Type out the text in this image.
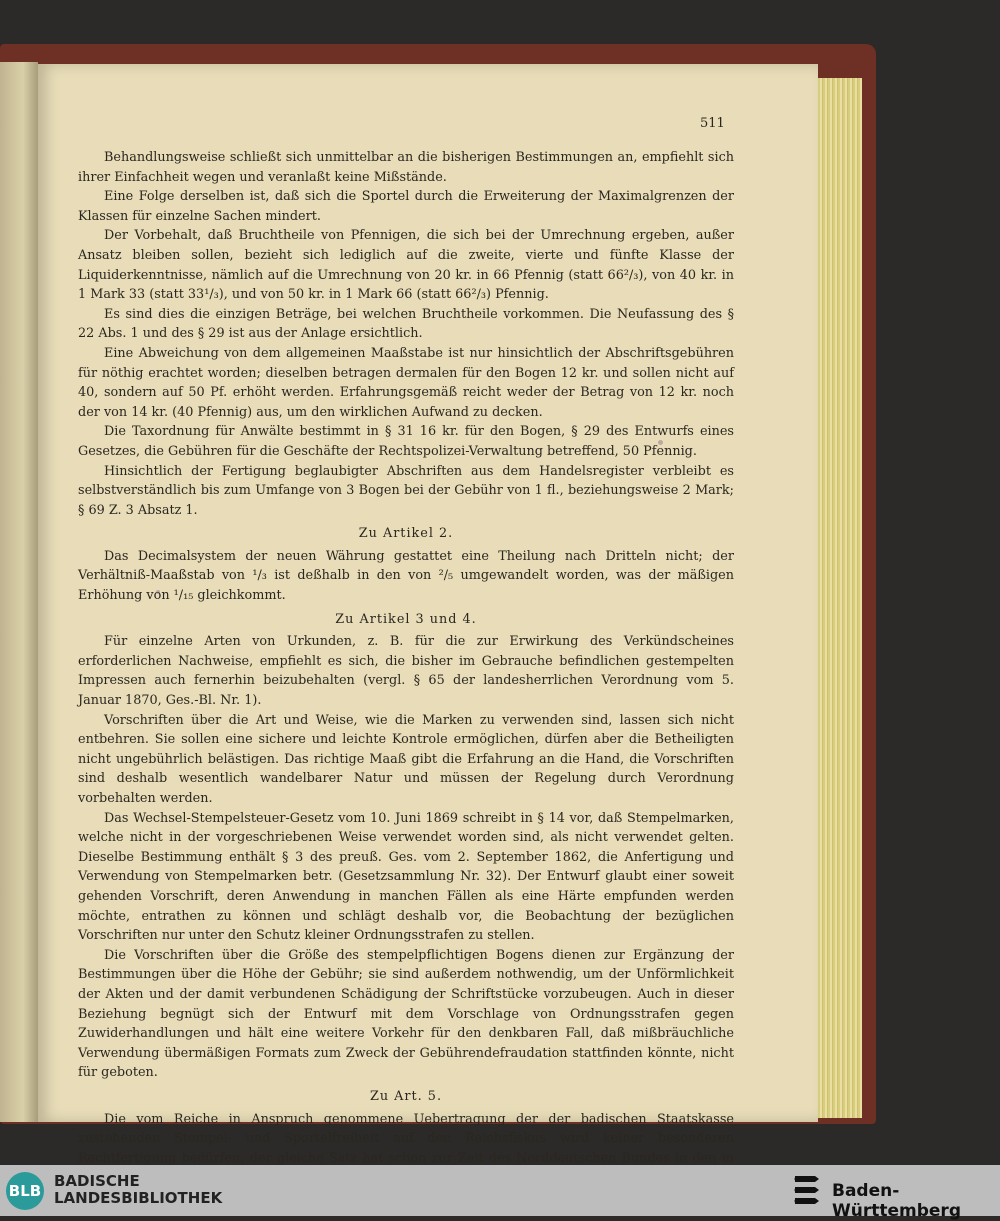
511

Behandlungsweise schließt sich unmittelbar an die bisherigen Bestimmungen an, empfiehlt sich ihrer Einfachheit wegen und veranlaßt keine Mißstände.

Eine Folge derselben ist, daß sich die Sportel durch die Erweiterung der Maximalgrenzen der Klassen für einzelne Sachen mindert.

Der Vorbehalt, daß Bruchtheile von Pfennigen, die sich bei der Umrechnung ergeben, außer Ansatz bleiben sollen, bezieht sich lediglich auf die zweite, vierte und fünfte Klasse der Liquiderkenntnisse, nämlich auf die Umrechnung von 20 kr. in 66 Pfennig (statt 66²/₃), von 40 kr. in 1 Mark 33 (statt 33¹/₃), und von 50 kr. in 1 Mark 66 (statt 66²/₃) Pfennig.

Es sind dies die einzigen Beträge, bei welchen Bruchtheile vorkommen. Die Neufassung des § 22 Abs. 1 und des § 29 ist aus der Anlage ersichtlich.

Eine Abweichung von dem allgemeinen Maaßstabe ist nur hinsichtlich der Abschriftsgebühren für nöthig erachtet worden; dieselben betragen dermalen für den Bogen 12 kr. und sollen nicht auf 40, sondern auf 50 Pf. erhöht werden. Erfahrungsgemäß reicht weder der Betrag von 12 kr. noch der von 14 kr. (40 Pfennig) aus, um den wirklichen Aufwand zu decken.

Die Taxordnung für Anwälte bestimmt in § 31 16 kr. für den Bogen, § 29 des Entwurfs eines Gesetzes, die Gebühren für die Geschäfte der Rechtspolizei-Verwaltung betreffend, 50 Pfennig.

Hinsichtlich der Fertigung beglaubigter Abschriften aus dem Handelsregister verbleibt es selbstverständlich bis zum Umfange von 3 Bogen bei der Gebühr von 1 fl., beziehungsweise 2 Mark; § 69 Z. 3 Absatz 1.

Zu Artikel 2.

Das Decimalsystem der neuen Währung gestattet eine Theilung nach Dritteln nicht; der Verhältniß-Maaßstab von ¹/₃ ist deßhalb in den von ²/₅ umgewandelt worden, was der mäßigen Erhöhung von ¹/₁₅ gleichkommt.

Zu Artikel 3 und 4.

Für einzelne Arten von Urkunden, z. B. für die zur Erwirkung des Verkündscheines erforderlichen Nachweise, empfiehlt es sich, die bisher im Gebrauche befindlichen gestempelten Impressen auch fernerhin beizubehalten (vergl. § 65 der landesherrlichen Verordnung vom 5. Januar 1870, Ges.-Bl. Nr. 1).

Vorschriften über die Art und Weise, wie die Marken zu verwenden sind, lassen sich nicht entbehren. Sie sollen eine sichere und leichte Kontrole ermöglichen, dürfen aber die Betheiligten nicht ungebührlich belästigen. Das richtige Maaß gibt die Erfahrung an die Hand, die Vorschriften sind deshalb wesentlich wandelbarer Natur und müssen der Regelung durch Verordnung vorbehalten werden.

Das Wechsel-Stempelsteuer-Gesetz vom 10. Juni 1869 schreibt in § 14 vor, daß Stempelmarken, welche nicht in der vorgeschriebenen Weise verwendet worden sind, als nicht verwendet gelten. Dieselbe Bestimmung enthält § 3 des preuß. Ges. vom 2. September 1862, die Anfertigung und Verwendung von Stempelmarken betr. (Gesetzsammlung Nr. 32). Der Entwurf glaubt einer soweit gehenden Vorschrift, deren Anwendung in manchen Fällen als eine Härte empfunden werden möchte, entrathen zu können und schlägt deshalb vor, die Beobachtung der bezüglichen Vorschriften nur unter den Schutz kleiner Ordnungsstrafen zu stellen.

Die Vorschriften über die Größe des stempelpflichtigen Bogens dienen zur Ergänzung der Bestimmungen über die Höhe der Gebühr; sie sind außerdem nothwendig, um der Unförmlichkeit der Akten und der damit verbundenen Schädigung der Schriftstücke vorzubeugen. Auch in dieser Beziehung begnügt sich der Entwurf mit dem Vorschlage von Ordnungsstrafen gegen Zuwiderhandlungen und hält eine weitere Vorkehr für den denkbaren Fall, daß mißbräuchliche Verwendung übermäßigen Formats zum Zweck der Gebührendefraudation stattfinden könnte, nicht für geboten.

Zu Art. 5.

Die vom Reiche in Anspruch genommene Uebertragung der der badischen Staatskasse zustehenden Stempel- und Sportelfreiheit auf den Reichsfiskus wird keiner besonderen Rechtfertigung bedürfen; der gleiche Satz hat schon zur Zeit des Norddeutschen Bundes in den in

BLB
BADISCHE
LANDESBIBLIOTHEK	Baden-Württemberg
